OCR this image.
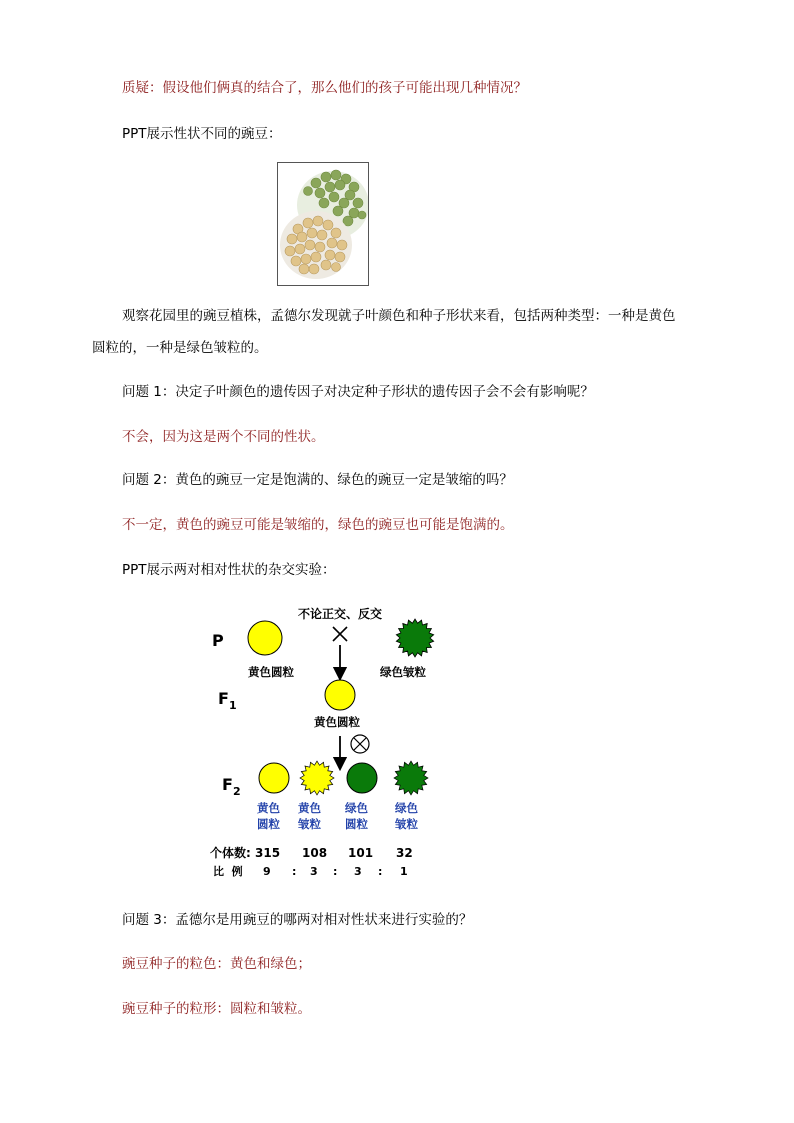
质疑：假设他们俩真的结合了，那么他们的孩子可能出现几种情况？
PPT展示性状不同的豌豆：
观察花园里的豌豆植株，孟德尔发现就子叶颜色和种子形状来看，包括两种类型：一种是黄色
圆粒的，一种是绿色皱粒的。
问题 1：决定子叶颜色的遗传因子对决定种子形状的遗传因子会不会有影响呢？
不会，因为这是两个不同的性状。
问题 2：黄色的豌豆一定是饱满的、绿色的豌豆一定是皱缩的吗？
不一定，黄色的豌豆可能是皱缩的，绿色的豌豆也可能是饱满的。
PPT展示两对相对性状的杂交实验：
不论正交、反交
P
黄色圆粒	绿色皱粒
$F_1$
黄色圆粒
$F_2$
黄色
圆粒
黄色
皱粒
绿色
圆粒
绿色
皱粒
个体数: 315 108 101 32
比  例 9 : 3 : 3 : 1
问题 3：孟德尔是用豌豆的哪两对相对性状来进行实验的？
豌豆种子的粒色：黄色和绿色；
豌豆种子的粒形：圆粒和皱粒。
